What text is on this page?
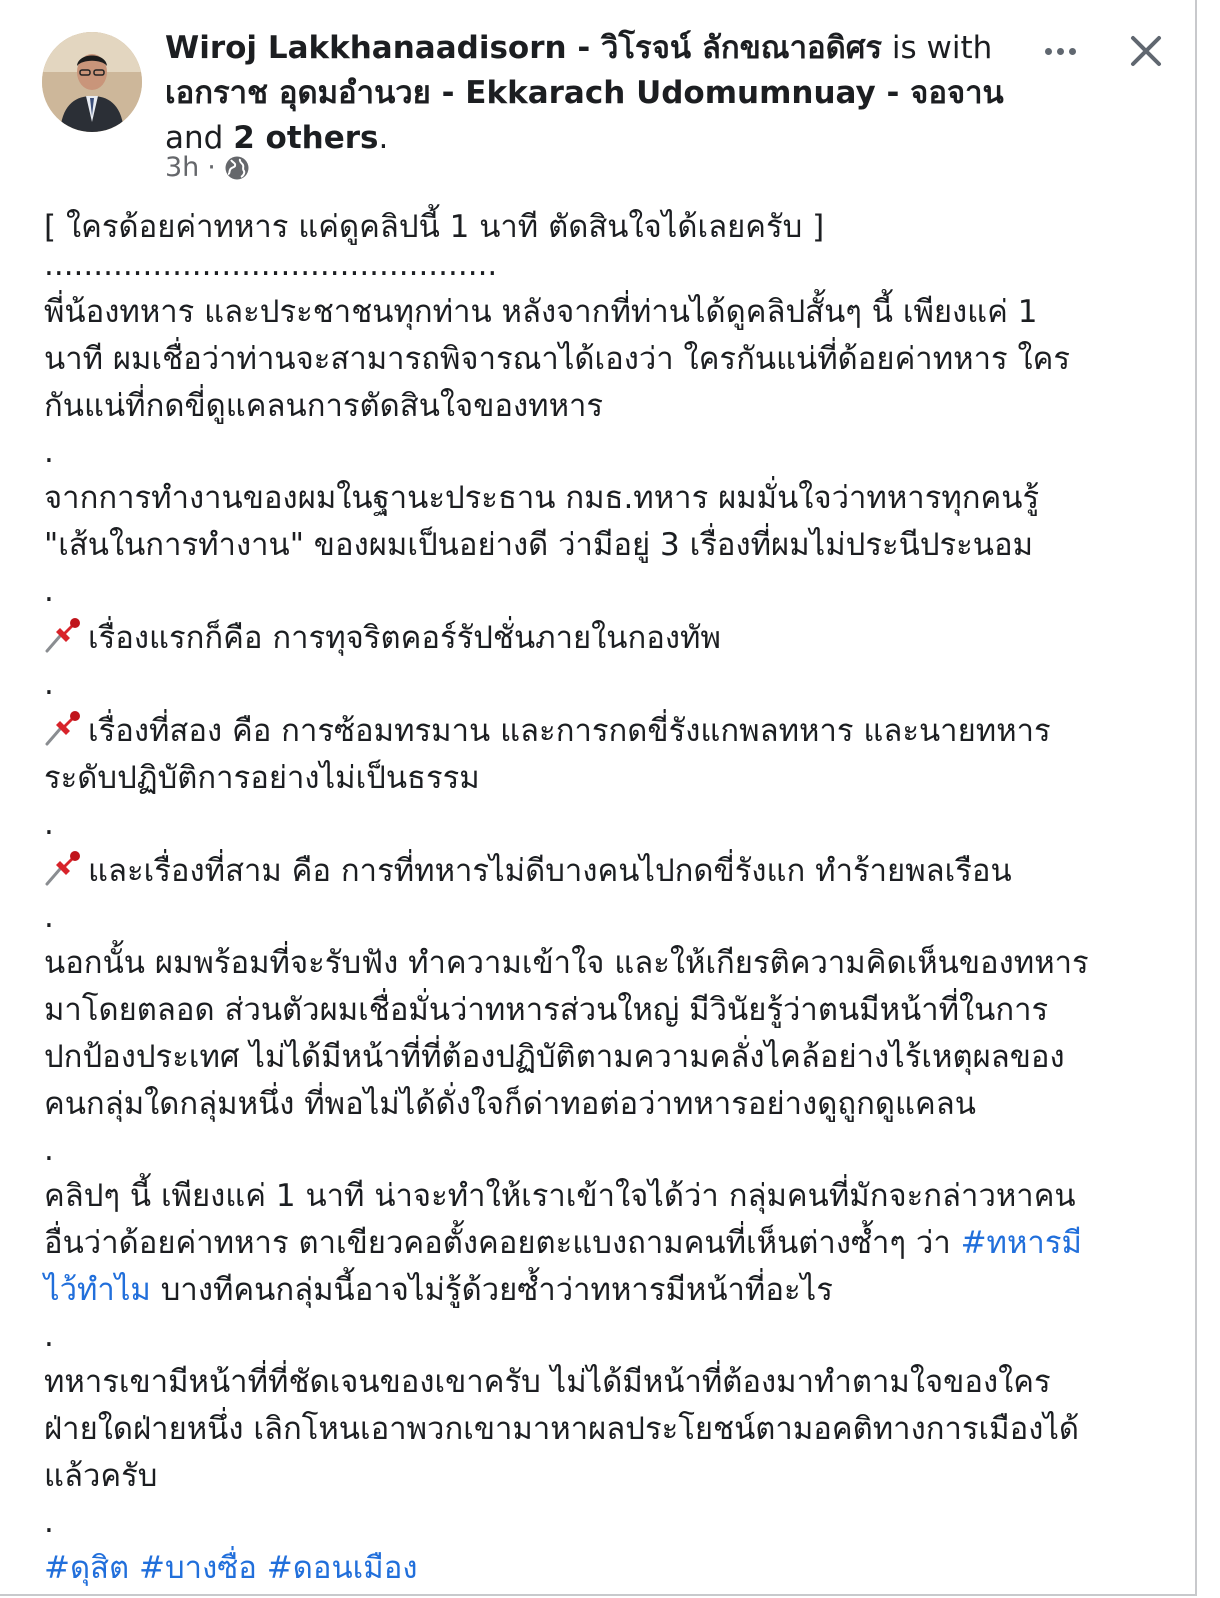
Wiroj Lakkhanaadisorn - วิโรจน์ ลักขณาอดิศร is with
เอกราช อุดมอำนวย - Ekkarach Udomumnuay - จอจาน
and 2 others.
3h ·
[ ใครด้อยค่าทหาร แค่ดูคลิปนี้ 1 นาที ตัดสินใจได้เลยครับ ]
..............................................
พี่น้องทหาร และประชาชนทุกท่าน หลังจากที่ท่านได้ดูคลิปสั้นๆ นี้ เพียงแค่ 1
นาที ผมเชื่อว่าท่านจะสามารถพิจารณาได้เองว่า ใครกันแน่ที่ด้อยค่าทหาร ใคร
กันแน่ที่กดขี่ดูแคลนการตัดสินใจของทหาร
.
จากการทำงานของผมในฐานะประธาน กมธ.ทหาร ผมมั่นใจว่าทหารทุกคนรู้
"เส้นในการทำงาน" ของผมเป็นอย่างดี ว่ามีอยู่ 3 เรื่องที่ผมไม่ประนีประนอม
.
เรื่องแรกก็คือ การทุจริตคอร์รัปชั่นภายในกองทัพ
.
เรื่องที่สอง คือ การซ้อมทรมาน และการกดขี่รังแกพลทหาร และนายทหาร
ระดับปฏิบัติการอย่างไม่เป็นธรรม
.
และเรื่องที่สาม คือ การที่ทหารไม่ดีบางคนไปกดขี่รังแก ทำร้ายพลเรือน
.
นอกนั้น ผมพร้อมที่จะรับฟัง ทำความเข้าใจ และให้เกียรติความคิดเห็นของทหาร
มาโดยตลอด ส่วนตัวผมเชื่อมั่นว่าทหารส่วนใหญ่ มีวินัยรู้ว่าตนมีหน้าที่ในการ
ปกป้องประเทศ ไม่ได้มีหน้าที่ที่ต้องปฏิบัติตามความคลั่งไคล้อย่างไร้เหตุผลของ
คนกลุ่มใดกลุ่มหนึ่ง ที่พอไม่ได้ดั่งใจก็ด่าทอต่อว่าทหารอย่างดูถูกดูแคลน
.
คลิปๆ นี้ เพียงแค่ 1 นาที น่าจะทำให้เราเข้าใจได้ว่า กลุ่มคนที่มักจะกล่าวหาคน
อื่นว่าด้อยค่าทหาร ตาเขียวคอตั้งคอยตะแบงถามคนที่เห็นต่างซ้ำๆ ว่า #ทหารมี
ไว้ทำไม บางทีคนกลุ่มนี้อาจไม่รู้ด้วยซ้ำว่าทหารมีหน้าที่อะไร
.
ทหารเขามีหน้าที่ที่ชัดเจนของเขาครับ ไม่ได้มีหน้าที่ต้องมาทำตามใจของใคร
ฝ่ายใดฝ่ายหนึ่ง เลิกโหนเอาพวกเขามาหาผลประโยชน์ตามอคติทางการเมืองได้
แล้วครับ
.
#ดุสิต #บางซื่อ #ดอนเมือง
